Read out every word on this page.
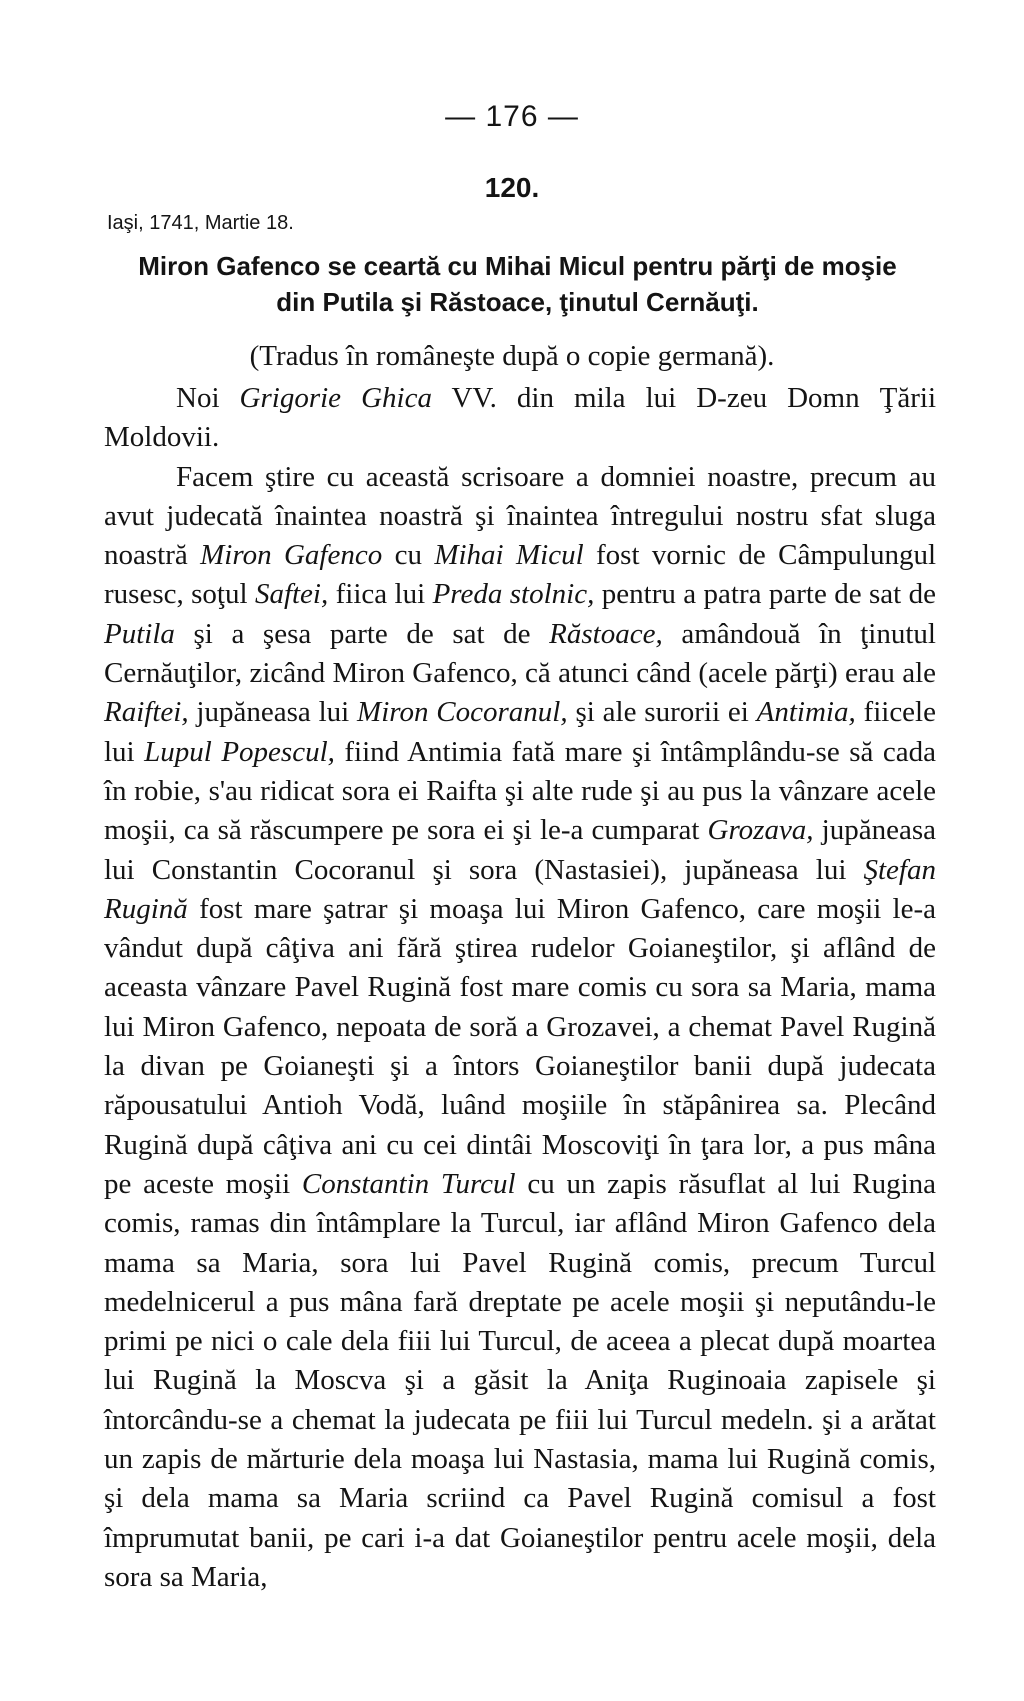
— 176 —
120.
Iaşi, 1741, Martie 18.
Miron Gafenco se ceartă cu Mihai Micul pentru părţi de moşie
din Putila şi Răstoace, ţinutul Cernăuţi.
(Tradus în româneşte după o copie germană).

Noi Grigorie Ghica VV. din mila lui D-zeu Domn Ţării Moldovii.

Facem ştire cu această scrisoare a domniei noastre, precum au avut judecată înaintea noastră şi înaintea întregului nostru sfat sluga noastră Miron Gafenco cu Mihai Micul fost vornic de Câmpulungul rusesc, soţul Saftei, fiica lui Preda stolnic, pentru a patra parte de sat de Putila şi a şesa parte de sat de Răstoace, amândouă în ţinutul Cernăuţilor, zicând Miron Gafenco, că atunci când (acele părţi) erau ale Raiftei, jupăneasa lui Miron Cocoranul, şi ale surorii ei Antimia, fiicele lui Lupul Popescul, fiind Antimia fată mare şi întâmplându-se să cada în robie, s'au ridicat sora ei Raifta şi alte rude şi au pus la vânzare acele moşii, ca să răscumpere pe sora ei şi le-a cumparat Grozava, jupăneasa lui Constantin Cocoranul şi sora (Nastasiei), jupăneasa lui Ştefan Rugină fost mare şatrar şi moaşa lui Miron Gafenco, care moşii le-a vândut după câţiva ani fără ştirea rudelor Goianeştilor, şi aflând de aceasta vânzare Pavel Rugină fost mare comis cu sora sa Maria, mama lui Miron Gafenco, nepoata de soră a Grozavei, a chemat Pavel Rugină la divan pe Goianeşti şi a întors Goianeştilor banii după judecata răpousatului Antioh Vodă, luând moşiile în stăpânirea sa. Plecând Rugină după câţiva ani cu cei dintâi Moscoviţi în ţara lor, a pus mâna pe aceste moşii Constantin Turcul cu un zapis răsuflat al lui Rugina comis, ramas din întâmplare la Turcul, iar aflând Miron Gafenco dela mama sa Maria, sora lui Pavel Rugină comis, precum Turcul medelnicerul a pus mâna fară dreptate pe acele moşii şi neputându-le primi pe nici o cale dela fiii lui Turcul, de aceea a plecat după moartea lui Rugină la Moscva şi a găsit la Aniţa Ruginoaia zapisele şi întorcându-se a chemat la judecata pe fiii lui Turcul medeln. şi a arătat un zapis de mărturie dela moaşa lui Nastasia, mama lui Rugină comis, şi dela mama sa Maria scriind ca Pavel Rugină comisul a fost împrumutat banii, pe cari i-a dat Goianeştilor pentru acele moşii, dela sora sa Maria,
